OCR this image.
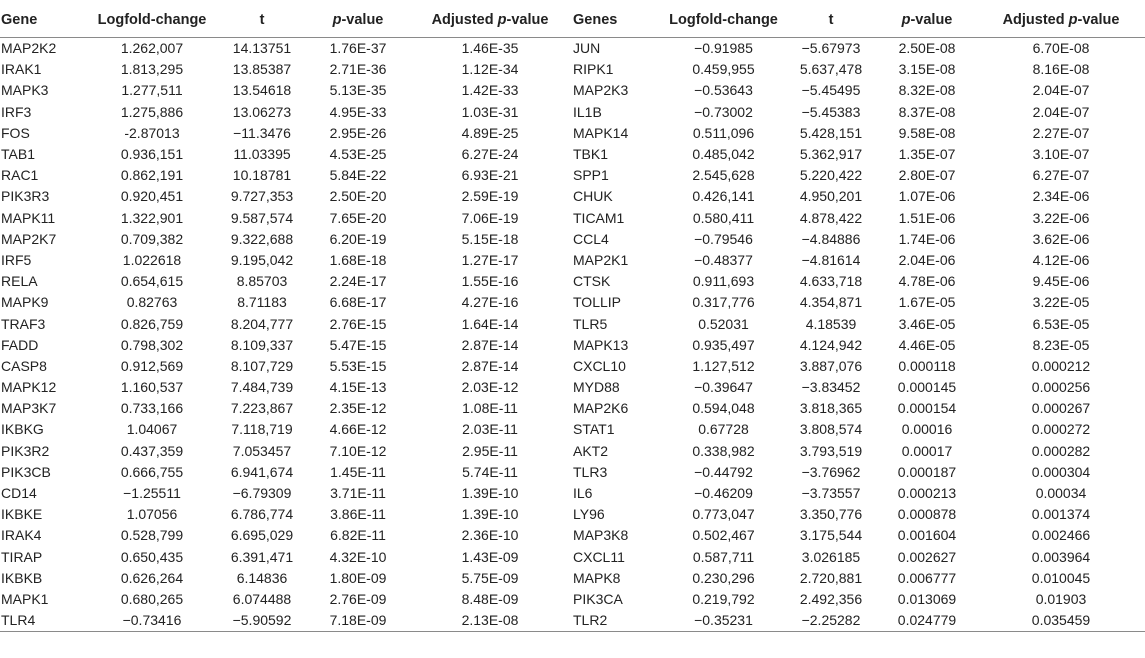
Gene	Logfold-change	t	p-value	Adjusted p-value	Genes	Logfold-change	t	p-value	Adjusted p-value
MAP2K2	1.262,007	14.13751	1.76E-37	1.46E-35	JUN	−0.91985	−5.67973	2.50E-08	6.70E-08
IRAK1	1.813,295	13.85387	2.71E-36	1.12E-34	RIPK1	0.459,955	5.637,478	3.15E-08	8.16E-08
MAPK3	1.277,511	13.54618	5.13E-35	1.42E-33	MAP2K3	−0.53643	−5.45495	8.32E-08	2.04E-07
IRF3	1.275,886	13.06273	4.95E-33	1.03E-31	IL1B	−0.73002	−5.45383	8.37E-08	2.04E-07
FOS	-2.87013	−11.3476	2.95E-26	4.89E-25	MAPK14	0.511,096	5.428,151	9.58E-08	2.27E-07
TAB1	0.936,151	11.03395	4.53E-25	6.27E-24	TBK1	0.485,042	5.362,917	1.35E-07	3.10E-07
RAC1	0.862,191	10.18781	5.84E-22	6.93E-21	SPP1	2.545,628	5.220,422	2.80E-07	6.27E-07
PIK3R3	0.920,451	9.727,353	2.50E-20	2.59E-19	CHUK	0.426,141	4.950,201	1.07E-06	2.34E-06
MAPK11	1.322,901	9.587,574	7.65E-20	7.06E-19	TICAM1	0.580,411	4.878,422	1.51E-06	3.22E-06
MAP2K7	0.709,382	9.322,688	6.20E-19	5.15E-18	CCL4	−0.79546	−4.84886	1.74E-06	3.62E-06
IRF5	1.022618	9.195,042	1.68E-18	1.27E-17	MAP2K1	−0.48377	−4.81614	2.04E-06	4.12E-06
RELA	0.654,615	8.85703	2.24E-17	1.55E-16	CTSK	0.911,693	4.633,718	4.78E-06	9.45E-06
MAPK9	0.82763	8.71183	6.68E-17	4.27E-16	TOLLIP	0.317,776	4.354,871	1.67E-05	3.22E-05
TRAF3	0.826,759	8.204,777	2.76E-15	1.64E-14	TLR5	0.52031	4.18539	3.46E-05	6.53E-05
FADD	0.798,302	8.109,337	5.47E-15	2.87E-14	MAPK13	0.935,497	4.124,942	4.46E-05	8.23E-05
CASP8	0.912,569	8.107,729	5.53E-15	2.87E-14	CXCL10	1.127,512	3.887,076	0.000118	0.000212
MAPK12	1.160,537	7.484,739	4.15E-13	2.03E-12	MYD88	−0.39647	−3.83452	0.000145	0.000256
MAP3K7	0.733,166	7.223,867	2.35E-12	1.08E-11	MAP2K6	0.594,048	3.818,365	0.000154	0.000267
IKBKG	1.04067	7.118,719	4.66E-12	2.03E-11	STAT1	0.67728	3.808,574	0.00016	0.000272
PIK3R2	0.437,359	7.053457	7.10E-12	2.95E-11	AKT2	0.338,982	3.793,519	0.00017	0.000282
PIK3CB	0.666,755	6.941,674	1.45E-11	5.74E-11	TLR3	−0.44792	−3.76962	0.000187	0.000304
CD14	−1.25511	−6.79309	3.71E-11	1.39E-10	IL6	−0.46209	−3.73557	0.000213	0.00034
IKBKE	1.07056	6.786,774	3.86E-11	1.39E-10	LY96	0.773,047	3.350,776	0.000878	0.001374
IRAK4	0.528,799	6.695,029	6.82E-11	2.36E-10	MAP3K8	0.502,467	3.175,544	0.001604	0.002466
TIRAP	0.650,435	6.391,471	4.32E-10	1.43E-09	CXCL11	0.587,711	3.026185	0.002627	0.003964
IKBKB	0.626,264	6.14836	1.80E-09	5.75E-09	MAPK8	0.230,296	2.720,881	0.006777	0.010045
MAPK1	0.680,265	6.074488	2.76E-09	8.48E-09	PIK3CA	0.219,792	2.492,356	0.013069	0.01903
TLR4	−0.73416	−5.90592	7.18E-09	2.13E-08	TLR2	−0.35231	−2.25282	0.024779	0.035459
